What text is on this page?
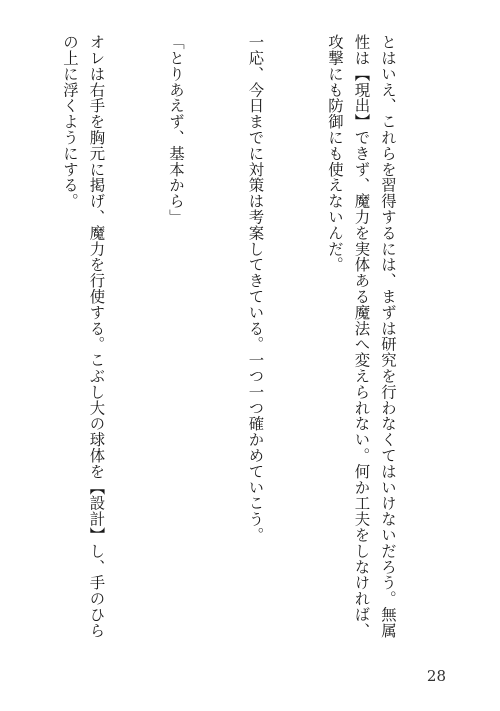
とはいえ、これらを習得するには、まずは研究を行わなくてはいけないだろう。無属性は【現出】できず、魔力を実体ある魔法へ変えられない。何か工夫をしなければ、攻撃にも防御にも使えないんだ。

一応、今日までに対策は考案してきている。一つ一つ確かめていこう。

「とりあえず、基本から」

オレは右手を胸元に掲げ、魔力を行使する。こぶし大の球体を【設計】し、手のひらの上に浮くようにする。

28
